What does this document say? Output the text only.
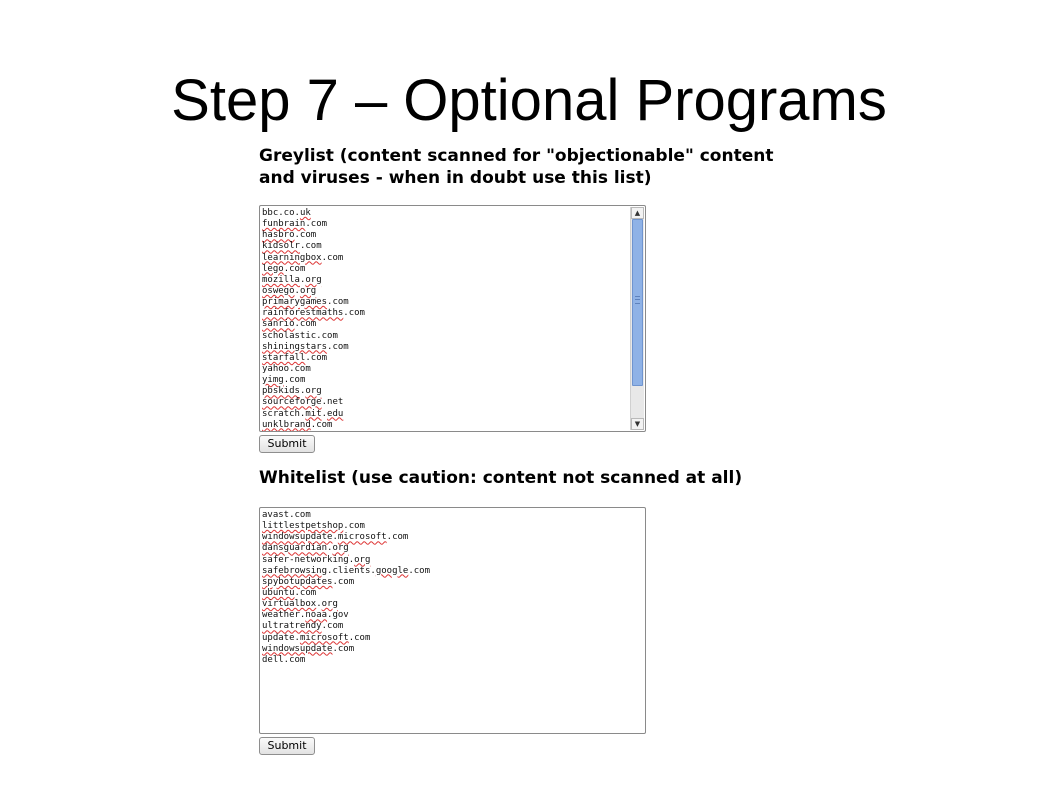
Step 7 – Optional Programs
Greylist (content scanned for "objectionable" content
and viruses - when in doubt use this list)
bbc.co.uk
funbrain.com
hasbro.com
kidsolr.com
learningbox.com
lego.com
mozilla.org
oswego.org
primarygames.com
rainforestmaths.com
sanrio.com
scholastic.com
shiningstars.com
starfall.com
yahoo.com
yimg.com
pbskids.org
sourceforge.net
scratch.mit.edu
unklbrand.com
▲
▼
Submit
Whitelist (use caution: content not scanned at all)
avast.com
littlestpetshop.com
windowsupdate.microsoft.com
dansguardian.org
safer-networking.org
safebrowsing.clients.google.com
spybotupdates.com
ubuntu.com
virtualbox.org
weather.noaa.gov
ultratrendy.com
update.microsoft.com
windowsupdate.com
dell.com
Submit
